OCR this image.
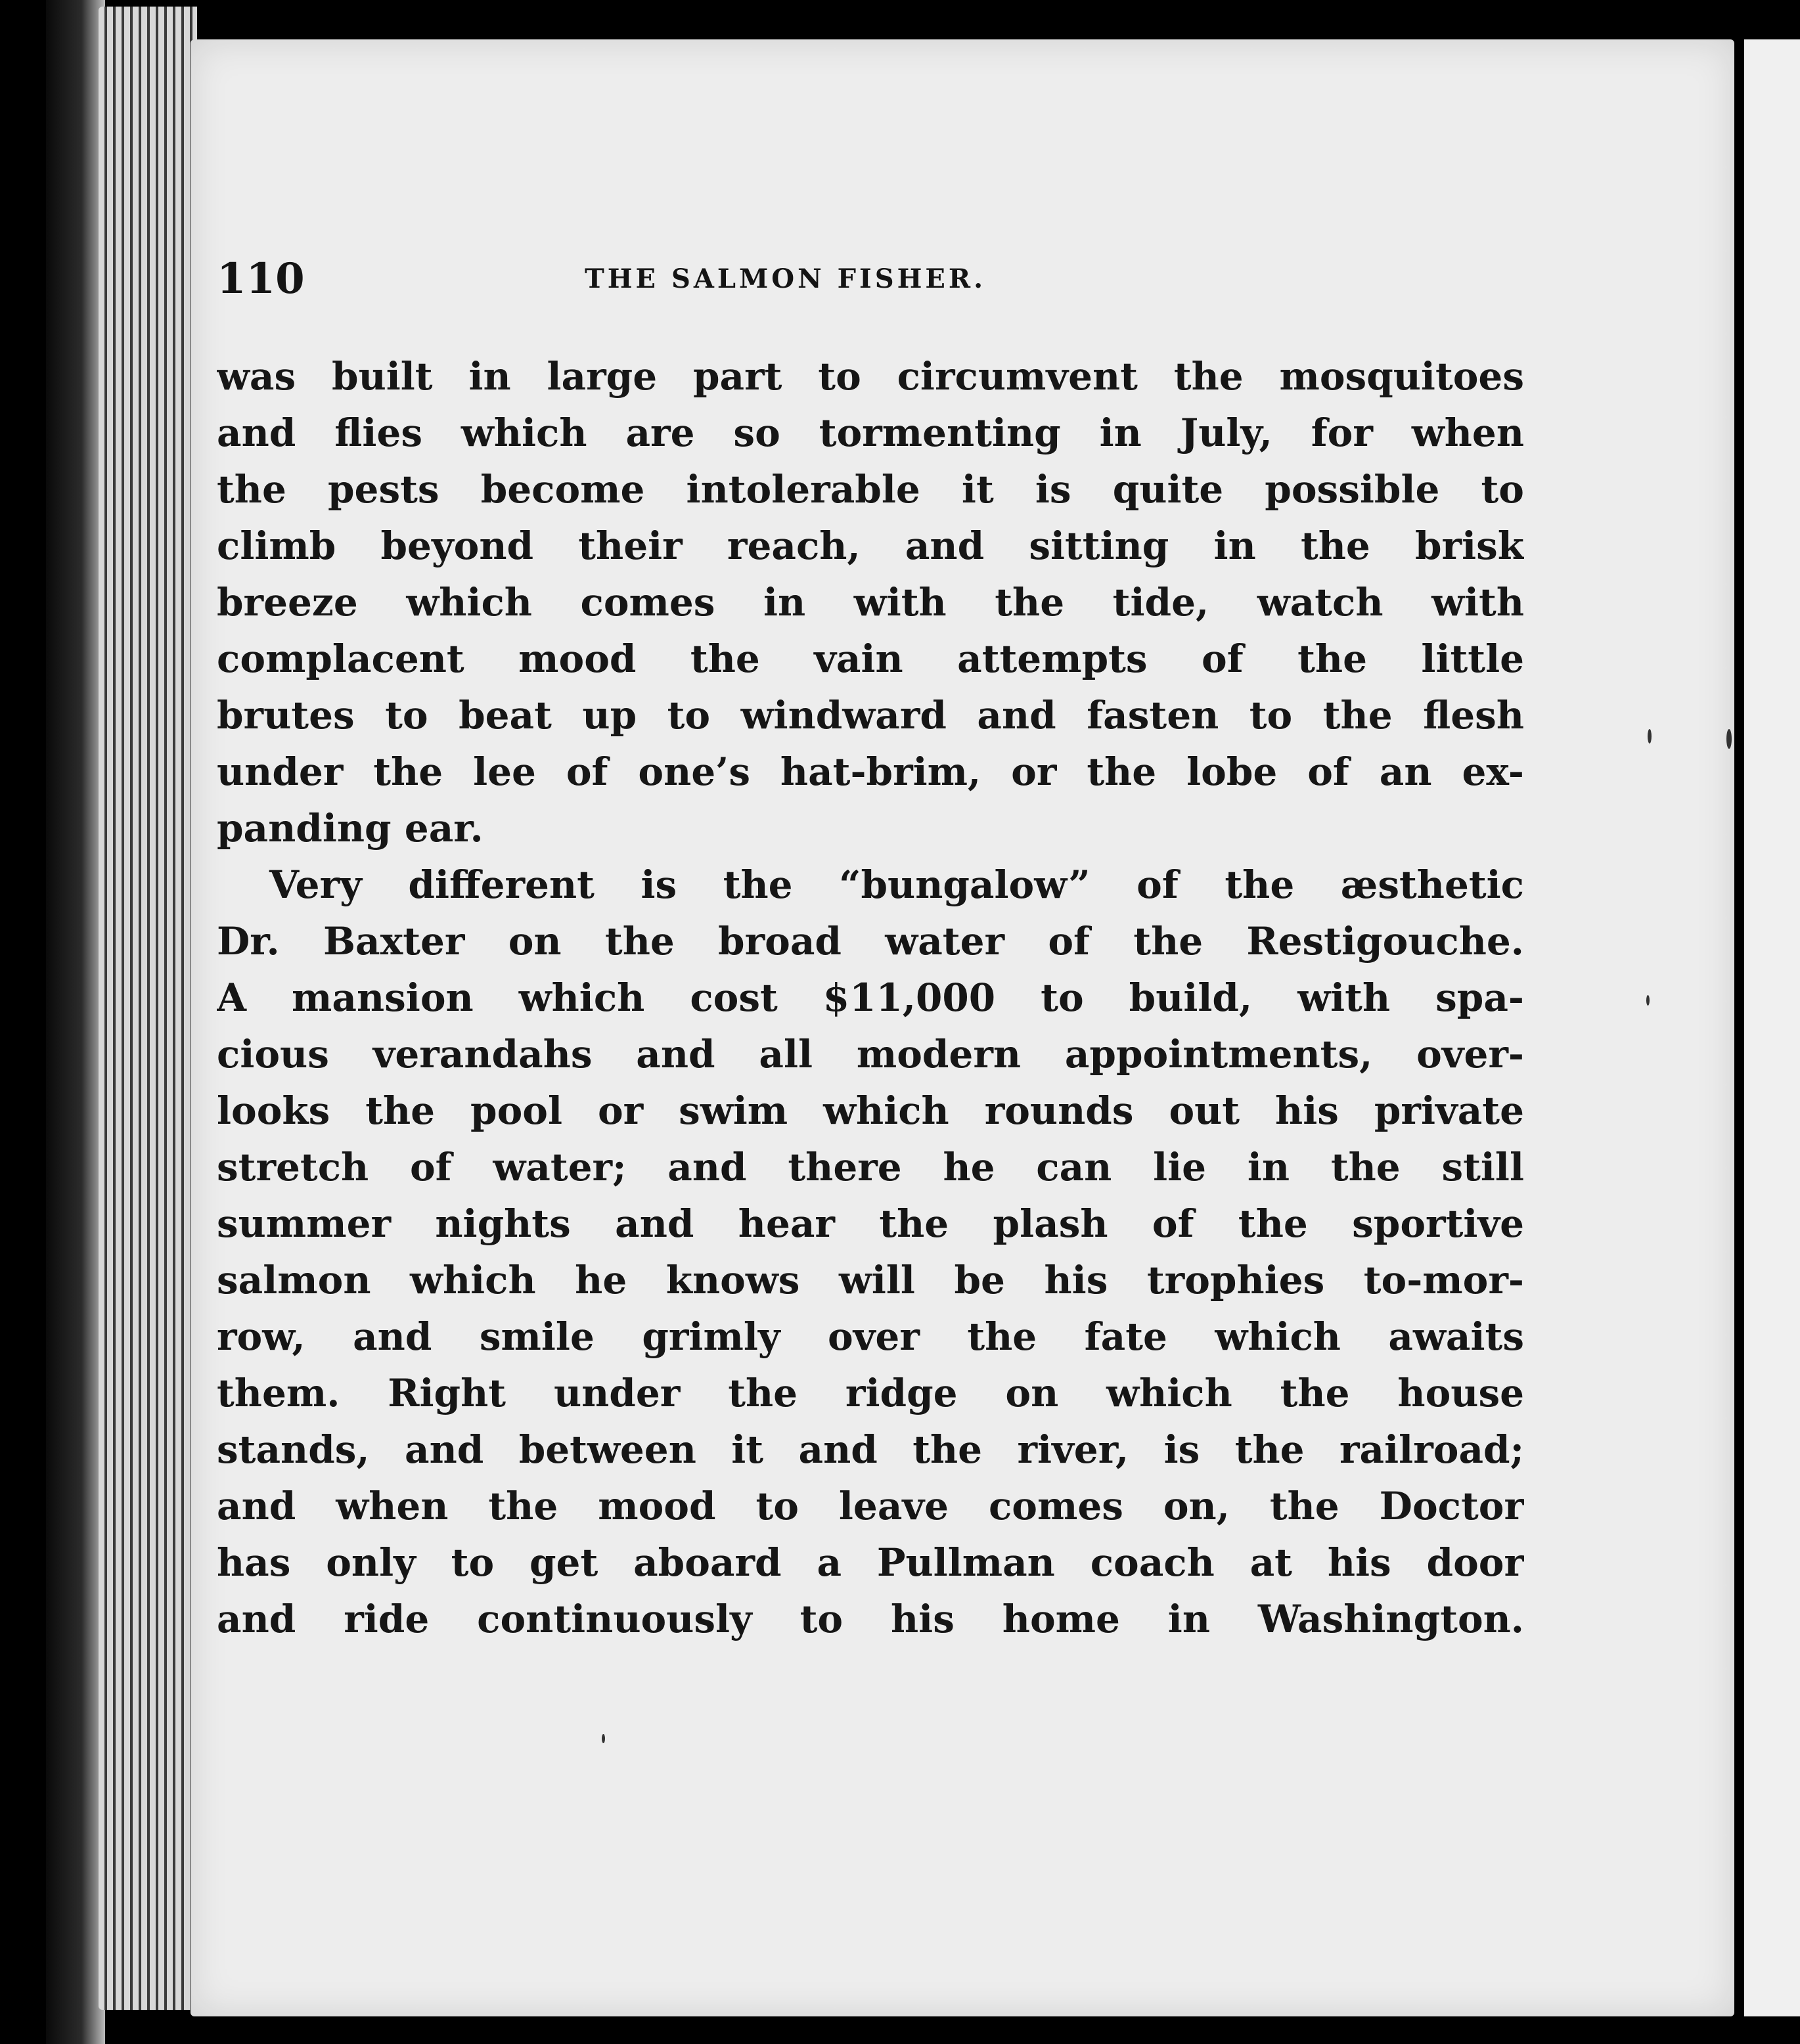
110	THE SALMON FISHER.
was built in large part to circumvent the mosquitoes
and flies which are so tormenting in July, for when
the pests become intolerable it is quite possible to
climb beyond their reach, and sitting in the brisk
breeze which comes in with the tide, watch with
complacent mood the vain attempts of the little
brutes to beat up to windward and fasten to the flesh
under the lee of one’s hat-brim, or the lobe of an ex-
panding ear.
Very different is the “bungalow” of the æsthetic
Dr. Baxter on the broad water of the Restigouche.
A mansion which cost $11,000 to build, with spa-
cious verandahs and all modern appointments, over-
looks the pool or swim which rounds out his private
stretch of water; and there he can lie in the still
summer nights and hear the plash of the sportive
salmon which he knows will be his trophies to-mor-
row, and smile grimly over the fate which awaits
them. Right under the ridge on which the house
stands, and between it and the river, is the railroad;
and when the mood to leave comes on, the Doctor
has only to get aboard a Pullman coach at his door
and ride continuously to his home in Washington.
